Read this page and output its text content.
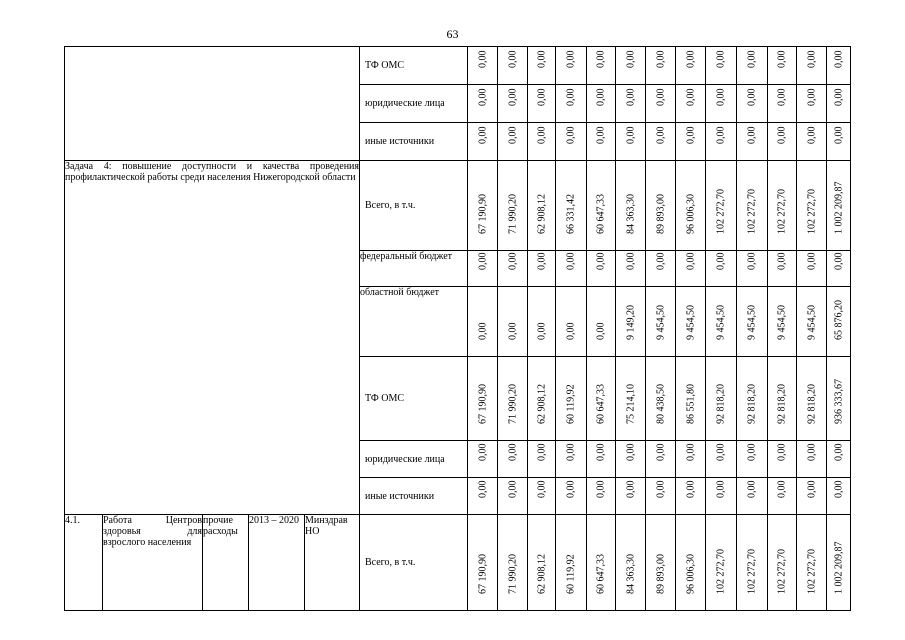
63
					ТФ ОМС	0,00	0,00	0,00	0,00	0,00	0,00	0,00	0,00	0,00	0,00	0,00	0,00	0,00

					юридические лица	0,00	0,00	0,00	0,00	0,00	0,00	0,00	0,00	0,00	0,00	0,00	0,00	0,00

					иные источники	0,00	0,00	0,00	0,00	0,00	0,00	0,00	0,00	0,00	0,00	0,00	0,00	0,00

Задача 4: повышение доступности и качества проведения профилактической работы среди населения Нижегородской области					Всего, в т.ч.	67 190,90	71 990,20	62 908,12	66 331,42	60 647,33	84 363,30	89 893,00	96 006,30	102 272,70	102 272,70	102 272,70	102 272,70	1 002 209,87

					федеральный бюджет	0,00	0,00	0,00	0,00	0,00	0,00	0,00	0,00	0,00	0,00	0,00	0,00	0,00

					областной бюджет	0,00	0,00	0,00	0,00	0,00	9 149,20	9 454,50	9 454,50	9 454,50	9 454,50	9 454,50	9 454,50	65 876,20

					ТФ ОМС	67 190,90	71 990,20	62 908,12	60 119,92	60 647,33	75 214,10	80 438,50	86 551,80	92 818,20	92 818,20	92 818,20	92 818,20	936 333,67

					юридические лица	0,00	0,00	0,00	0,00	0,00	0,00	0,00	0,00	0,00	0,00	0,00	0,00	0,00

					иные источники	0,00	0,00	0,00	0,00	0,00	0,00	0,00	0,00	0,00	0,00	0,00	0,00	0,00

4.1.	Работа Центров здоровья для взрослого населения	прочие расходы	2013 – 2020	Минздрав НО	Всего, в т.ч.	67 190,90	71 990,20	62 908,12	60 119,92	60 647,33	84 363,30	89 893,00	96 006,30	102 272,70	102 272,70	102 272,70	102 272,70	1 002 209,87
